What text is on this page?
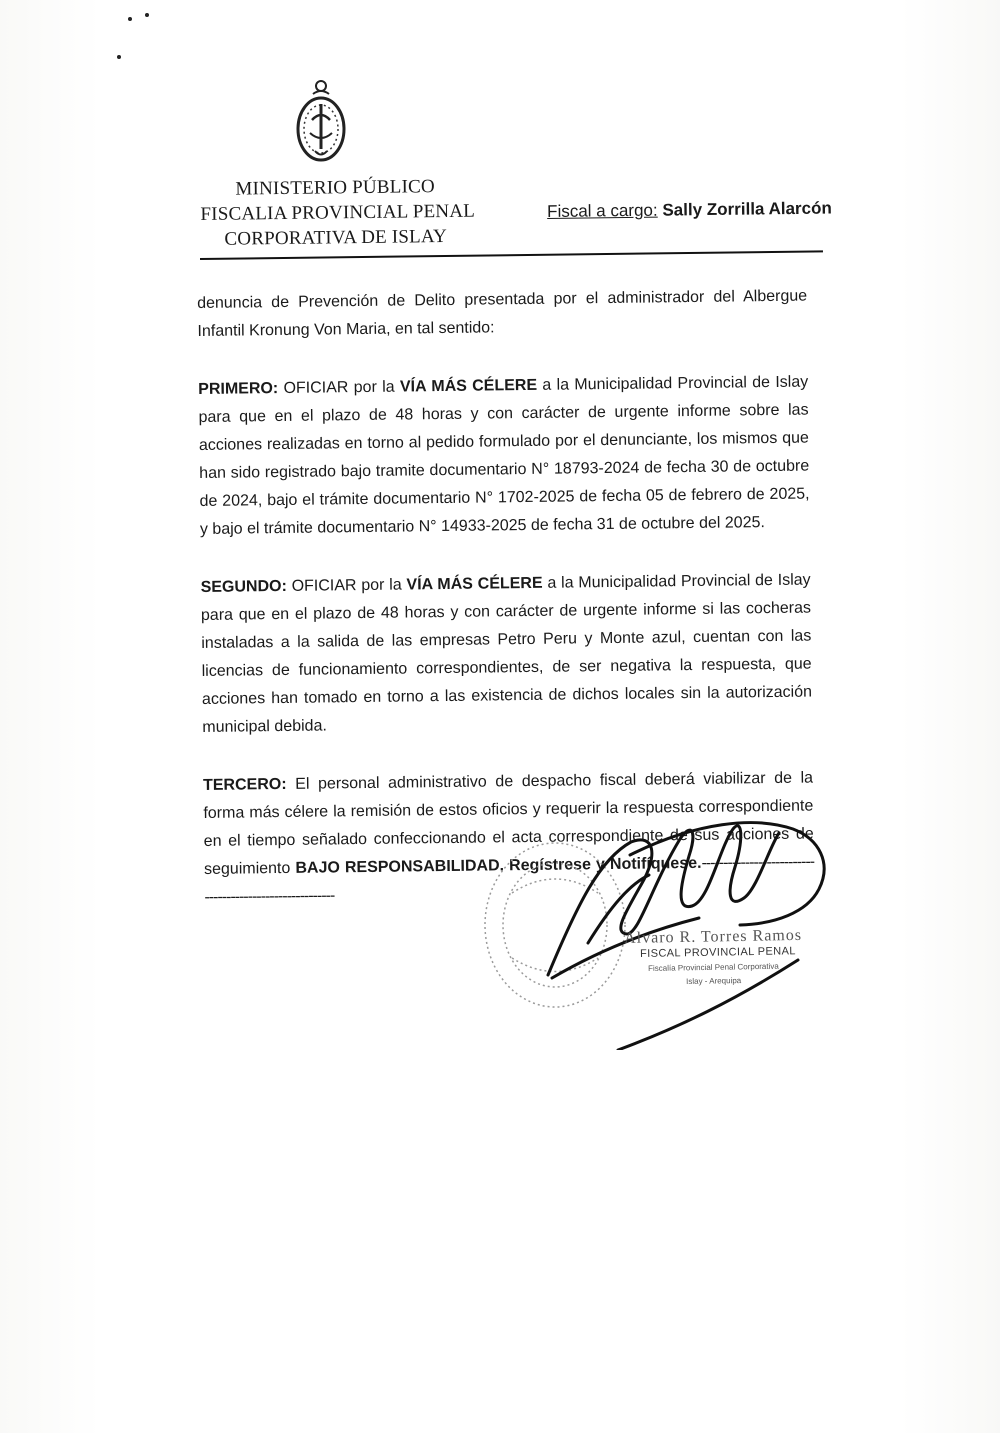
MINISTERIO PÚBLICO
FISCALIA PROVINCIAL PENAL
CORPORATIVA DE ISLAY
Fiscal a cargo: Sally Zorrilla Alarcón

denuncia de Prevención de Delito presentada por el administrador del Albergue Infantil Kronung Von Maria, en tal sentido:

PRIMERO: OFICIAR por la VÍA MÁS CÉLERE a la Municipalidad Provincial de Islay para que en el plazo de 48 horas y con carácter de urgente informe sobre las acciones realizadas en torno al pedido formulado por el denunciante, los mismos que han sido registrado bajo tramite documentario N° 18793-2024 de fecha 30 de octubre de 2024, bajo el trámite documentario N° 1702-2025 de fecha 05 de febrero de 2025, y bajo el trámite documentario N° 14933-2025 de fecha 31 de octubre del 2025.

SEGUNDO: OFICIAR por la VÍA MÁS CÉLERE a la Municipalidad Provincial de Islay para que en el plazo de 48 horas y con carácter de urgente informe si las cocheras instaladas a la salida de las empresas Petro Peru y Monte azul, cuentan con las licencias de funcionamiento correspondientes, de ser negativa la respuesta, que acciones han tomado en torno a las existencia de dichos locales sin la autorización municipal debida.

TERCERO: El personal administrativo de despacho fiscal deberá viabilizar de la forma más célere la remisión de estos oficios y requerir la respuesta correspondiente en el tiempo señalado confeccionando el acta correspondiente de sus acciones de seguimiento BAJO RESPONSABILIDAD. Regístrese y Notifíquese.--------------------------------------------------------

Alvaro R. Torres Ramos
FISCAL PROVINCIAL PENAL
Fiscalía Provincial Penal Corporativa
Islay - Arequipa
